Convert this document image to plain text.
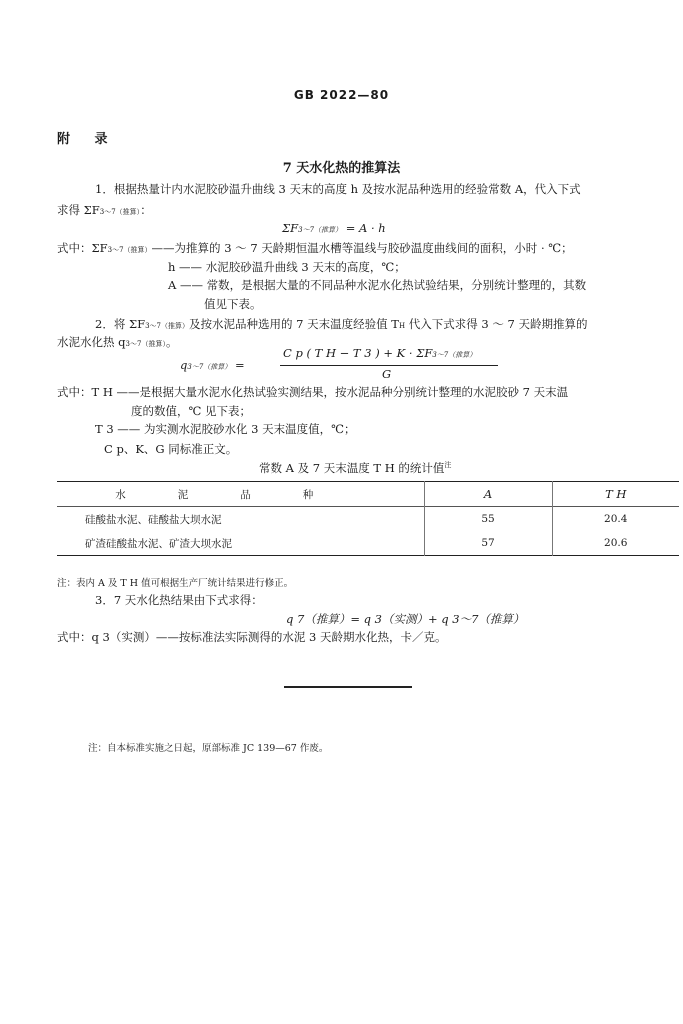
GB 2022—80
附 录
7 天水化热的推算法
1．根据热量计内水泥胶砂温升曲线 3 天末的高度 h 及按水泥品种选用的经验常数 A，代入下式
求得 ΣF3～7（推算）：
ΣF3～7（推算） = A · h
式中：ΣF3～7（推算）——为推算的 3 ～ 7 天龄期恒温水槽等温线与胶砂温度曲线间的面积，小时 · ℃；
h —— 水泥胶砂温升曲线 3 天末的高度，℃；
A —— 常数，是根据大量的不同品种水泥水化热试验结果，分别统计整理的，其数
值见下表。
2．将 ΣF3～7（推算）及按水泥品种选用的 7 天末温度经验值 TH 代入下式求得 3 ～ 7 天龄期推算的
水泥水化热 q3～7（推算）。
q3～7（推算） =
C p ( T H − T 3 ) + K · ΣF3～7（推算）
G
式中：T H ——是根据大量水泥水化热试验实测结果，按水泥品种分别统计整理的水泥胶砂 7 天末温
度的数值，℃ 见下表；
T 3 —— 为实测水泥胶砂水化 3 天末温度值，℃；
C p、K、G 同标准正文。
常数 A 及 7 天末温度 T H 的统计值$^注$
水泥品种	A	T H
硅酸盐水泥、硅酸盐大坝水泥	55	20.4
矿渣硅酸盐水泥、矿渣大坝水泥	57	20.6
注：表内 A 及 T H 值可根据生产厂统计结果进行修正。
3．7 天水化热结果由下式求得：
q 7（推算）= q 3（实测）+ q 3～7（推算）
式中：q 3（实测）——按标准法实际测得的水泥 3 天龄期水化热，卡／克。
注：自本标准实施之日起，原部标准 JC 139—67 作废。
